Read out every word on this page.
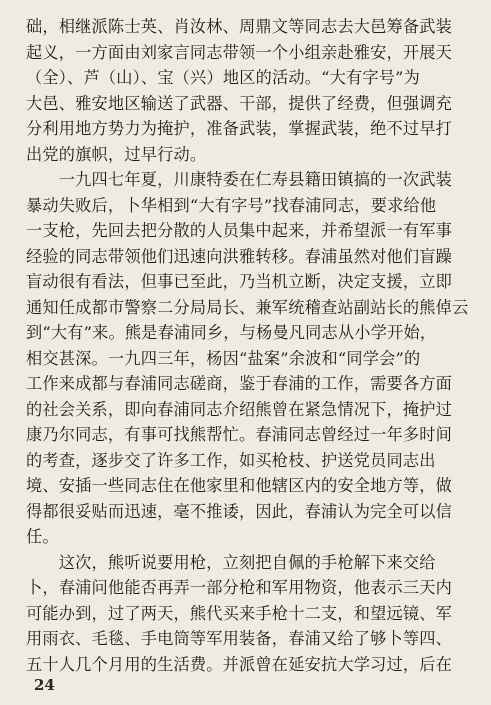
础，相继派陈士英、肖汝林、周鼎文等同志去大邑筹备武装
起义，一方面由刘家言同志带领一个小组亲赴雅安，开展天
（全）、芦（山）、宝（兴）地区的活动。“大有字号”为
大邑、雅安地区输送了武器、干部，提供了经费，但强调充
分利用地方势力为掩护，准备武装，掌握武装，绝不过早打
出党的旗帜，过早行动。
　　一九四七年夏，川康特委在仁寿县籍田镇搞的一次武装
暴动失败后，卜华相到“大有字号”找春浦同志，要求给他
一支枪，先回去把分散的人员集中起来，并希望派一有军事
经验的同志带领他们迅速向洪雅转移。春浦虽然对他们盲躁
盲动很有看法，但事已至此，乃当机立断，决定支援，立即
通知任成都市警察二分局局长、兼军统稽查站副站长的熊倬云
到“大有”来。熊是春浦同乡，与杨曼凡同志从小学开始，
相交甚深。一九四三年，杨因“盐案”余波和“同学会”的
工作来成都与春浦同志磋商，鉴于春浦的工作，需要各方面
的社会关系，即向春浦同志介绍熊曾在紧急情况下，掩护过
康乃尔同志，有事可找熊帮忙。春浦同志曾经过一年多时间
的考查，逐步交了许多工作，如买枪枝、护送党员同志出
境、安插一些同志住在他家里和他辖区内的安全地方等，做
得都很妥贴而迅速，毫不推诿，因此，春浦认为完全可以信
任。
　　这次，熊听说要用枪，立刻把自佩的手枪解下来交给
卜，春浦问他能否再弄一部分枪和军用物资，他表示三天内
可能办到，过了两天，熊代买来手枪十二支，和望远镜、军
用雨衣、毛毯、手电筒等军用装备，春浦又给了够卜等四、
五十人几个月用的生活费。并派曾在延安抗大学习过，后在
24
